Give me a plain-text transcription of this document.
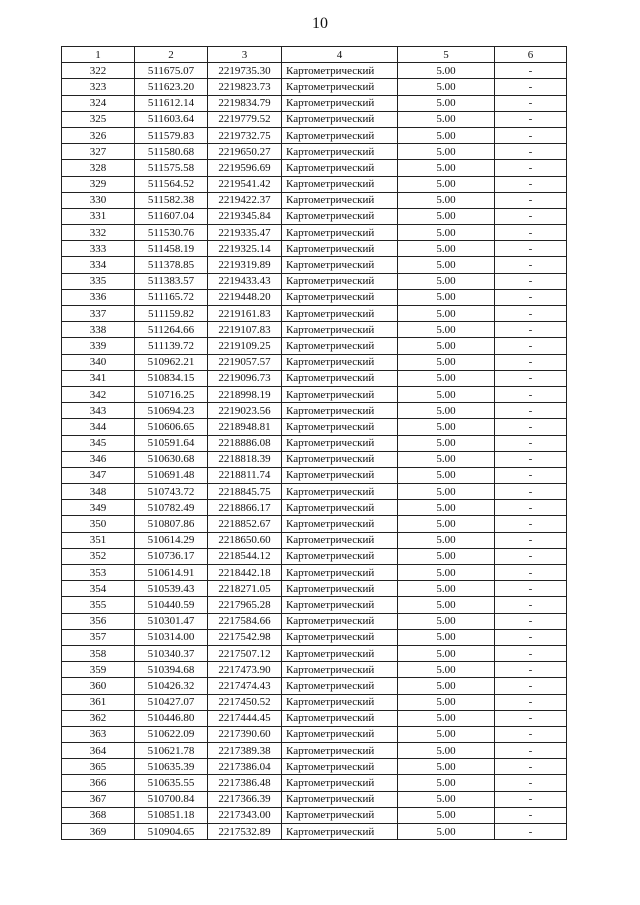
10
1	2	3	4	5	6
322	511675.07	2219735.30	Картометрический	5.00	-
323	511623.20	2219823.73	Картометрический	5.00	-
324	511612.14	2219834.79	Картометрический	5.00	-
325	511603.64	2219779.52	Картометрический	5.00	-
326	511579.83	2219732.75	Картометрический	5.00	-
327	511580.68	2219650.27	Картометрический	5.00	-
328	511575.58	2219596.69	Картометрический	5.00	-
329	511564.52	2219541.42	Картометрический	5.00	-
330	511582.38	2219422.37	Картометрический	5.00	-
331	511607.04	2219345.84	Картометрический	5.00	-
332	511530.76	2219335.47	Картометрический	5.00	-
333	511458.19	2219325.14	Картометрический	5.00	-
334	511378.85	2219319.89	Картометрический	5.00	-
335	511383.57	2219433.43	Картометрический	5.00	-
336	511165.72	2219448.20	Картометрический	5.00	-
337	511159.82	2219161.83	Картометрический	5.00	-
338	511264.66	2219107.83	Картометрический	5.00	-
339	511139.72	2219109.25	Картометрический	5.00	-
340	510962.21	2219057.57	Картометрический	5.00	-
341	510834.15	2219096.73	Картометрический	5.00	-
342	510716.25	2218998.19	Картометрический	5.00	-
343	510694.23	2219023.56	Картометрический	5.00	-
344	510606.65	2218948.81	Картометрический	5.00	-
345	510591.64	2218886.08	Картометрический	5.00	-
346	510630.68	2218818.39	Картометрический	5.00	-
347	510691.48	2218811.74	Картометрический	5.00	-
348	510743.72	2218845.75	Картометрический	5.00	-
349	510782.49	2218866.17	Картометрический	5.00	-
350	510807.86	2218852.67	Картометрический	5.00	-
351	510614.29	2218650.60	Картометрический	5.00	-
352	510736.17	2218544.12	Картометрический	5.00	-
353	510614.91	2218442.18	Картометрический	5.00	-
354	510539.43	2218271.05	Картометрический	5.00	-
355	510440.59	2217965.28	Картометрический	5.00	-
356	510301.47	2217584.66	Картометрический	5.00	-
357	510314.00	2217542.98	Картометрический	5.00	-
358	510340.37	2217507.12	Картометрический	5.00	-
359	510394.68	2217473.90	Картометрический	5.00	-
360	510426.32	2217474.43	Картометрический	5.00	-
361	510427.07	2217450.52	Картометрический	5.00	-
362	510446.80	2217444.45	Картометрический	5.00	-
363	510622.09	2217390.60	Картометрический	5.00	-
364	510621.78	2217389.38	Картометрический	5.00	-
365	510635.39	2217386.04	Картометрический	5.00	-
366	510635.55	2217386.48	Картометрический	5.00	-
367	510700.84	2217366.39	Картометрический	5.00	-
368	510851.18	2217343.00	Картометрический	5.00	-
369	510904.65	2217532.89	Картометрический	5.00	-
